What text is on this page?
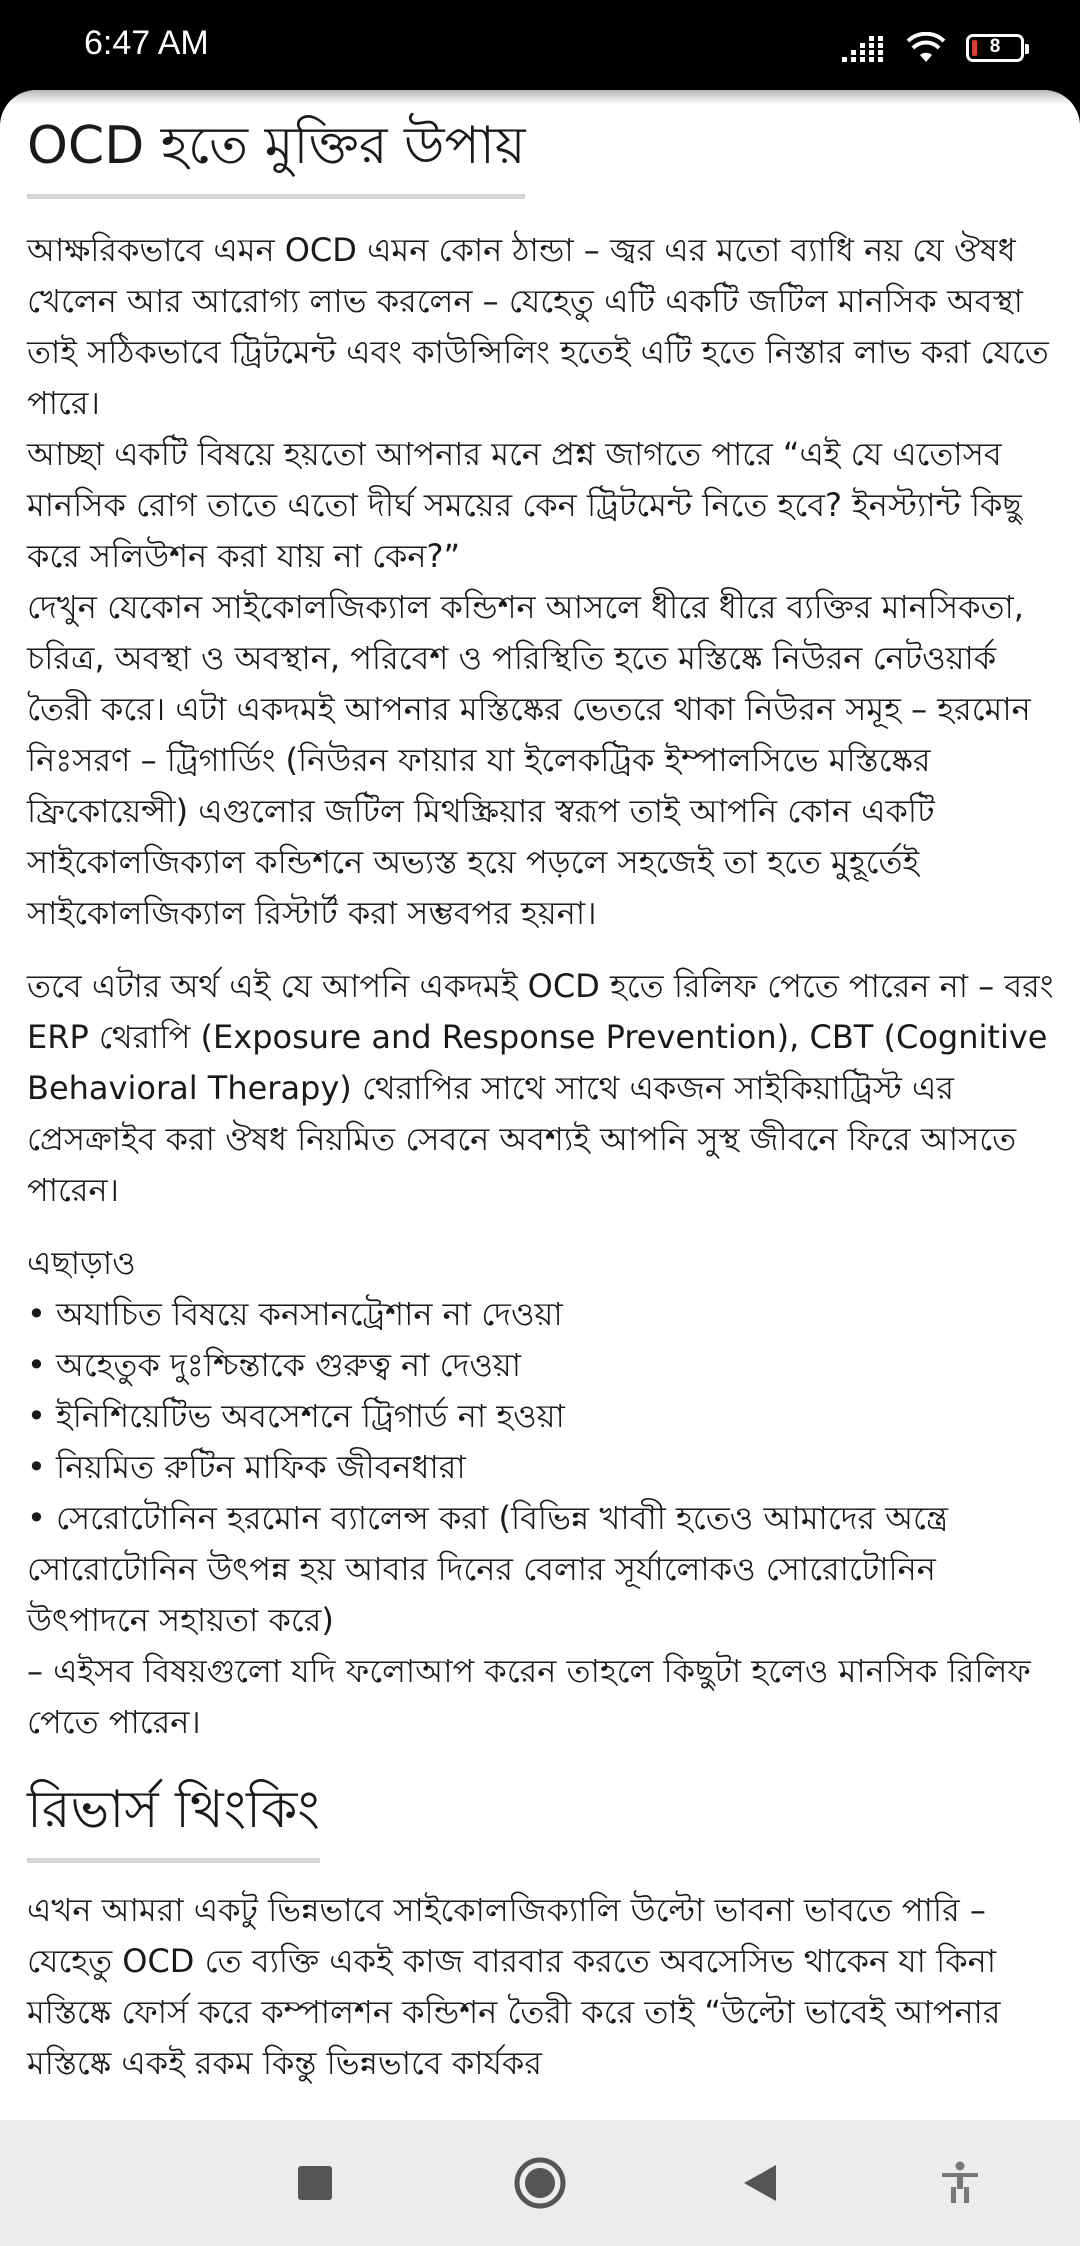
6:47 AM	8
OCD হতে মুক্তির উপায়

আক্ষরিকভাবে এমন OCD এমন কোন ঠান্ডা – জ্বর এর মতো ব্যাধি নয় যে ঔষধ খেলেন আর আরোগ্য লাভ করলেন – যেহেতু এটি একটি জটিল মানসিক অবস্থা তাই সঠিকভাবে ট্রিটমেন্ট এবং কাউন্সিলিং হতেই এটি হতে নিস্তার লাভ করা যেতে পারে।
আচ্ছা একটি বিষয়ে হয়তো আপনার মনে প্রশ্ন জাগতে পারে “এই যে এতোসব মানসিক রোগ তাতে এতো দীর্ঘ সময়ের কেন ট্রিটমেন্ট নিতে হবে? ইনস্ট্যান্ট কিছু করে সলিউশন করা যায় না কেন?”
দেখুন যেকোন সাইকোলজিক্যাল কন্ডিশন আসলে ধীরে ধীরে ব্যক্তির মানসিকতা, চরিত্র, অবস্থা ও অবস্থান, পরিবেশ ও পরিস্থিতি হতে মস্তিষ্কে নিউরন নেটওয়ার্ক তৈরী করে। এটা একদমই আপনার মস্তিষ্কের ভেতরে থাকা নিউরন সমূহ – হরমোন নিঃসরণ – ট্রিগার্ডিং (নিউরন ফায়ার যা ইলেকট্রিক ইম্পালসিভে মস্তিষ্কের ফ্রিকোয়েন্সী) এগুলোর জটিল মিথস্ক্রিয়ার স্বরূপ তাই আপনি কোন একটি সাইকোলজিক্যাল কন্ডিশনে অভ্যস্ত হয়ে পড়লে সহজেই তা হতে মুহূর্তেই সাইকোলজিক্যাল রিস্টার্ট করা সম্ভবপর হয়না।

তবে এটার অর্থ এই যে আপনি একদমই OCD হতে রিলিফ পেতে পারেন না – বরং ERP থেরাপি (Exposure and Response Prevention), CBT (Cognitive Behavioral Therapy) থেরাপির সাথে সাথে একজন সাইকিয়াট্রিস্ট এর প্রেসক্রাইব করা ঔষধ নিয়মিত সেবনে অবশ্যই আপনি সুস্থ জীবনে ফিরে আসতে পারেন।

এছাড়াও
• অযাচিত বিষয়ে কনসানট্রেশান না দেওয়া
• অহেতুক দুঃশ্চিন্তাকে গুরুত্ব না দেওয়া
• ইনিশিয়েটিভ অবসেশনে ট্রিগার্ড না হওয়া
• নিয়মিত রুটিন মাফিক জীবনধারা
• সেরোটোনিন হরমোন ব্যালেন্স করা (বিভিন্ন খাবাী হতেও আমাদের অন্ত্রে সোরোটোনিন উৎপন্ন হয় আবার দিনের বেলার সূর্যালোকও সোরোটোনিন উৎপাদনে সহায়তা করে)
– এইসব বিষয়গুলো যদি ফলোআপ করেন তাহলে কিছুটা হলেও মানসিক রিলিফ পেতে পারেন।

রিভার্স থিংকিং

এখন আমরা একটু ভিন্নভাবে সাইকোলজিক্যালি উল্টো ভাবনা ভাবতে পারি – যেহেতু OCD তে ব্যক্তি একই কাজ বারবার করতে অবসেসিভ থাকেন যা কিনা মস্তিষ্কে ফোর্স করে কম্পালশন কন্ডিশন তৈরী করে তাই “উল্টো ভাবেই আপনার মস্তিষ্কে একই রকম কিন্তু ভিন্নভাবে কার্যকর
